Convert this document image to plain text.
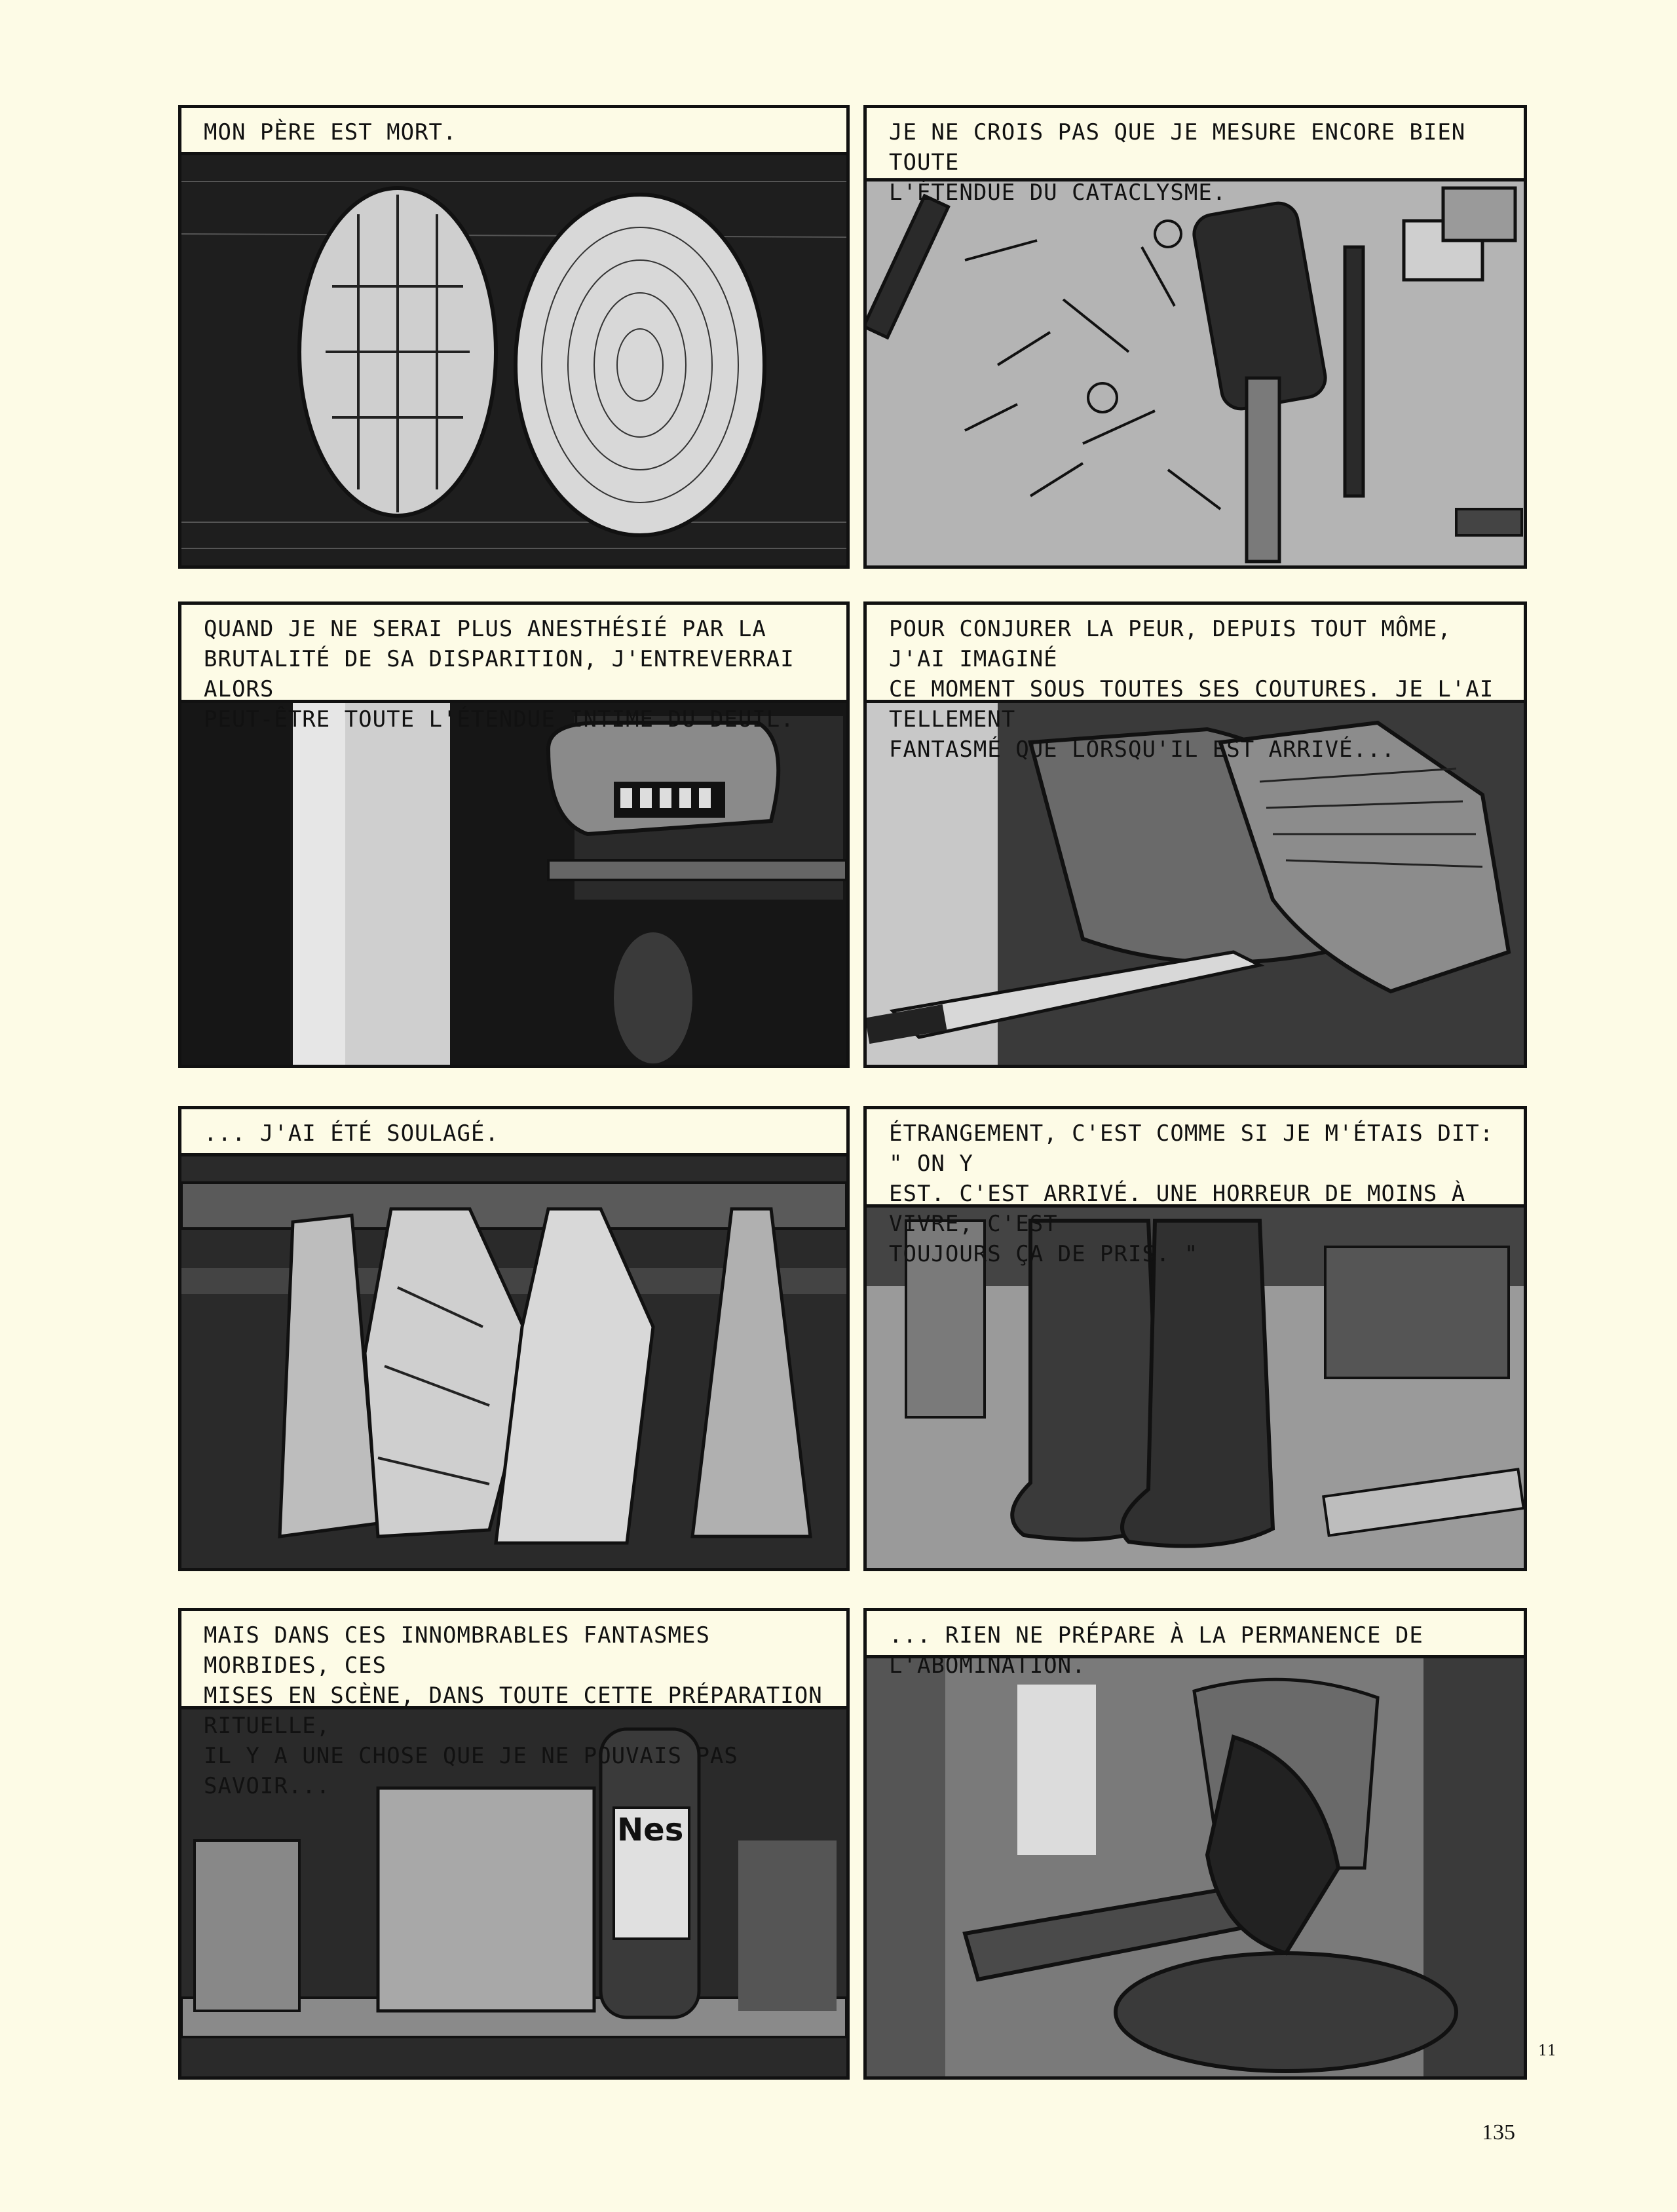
MON PÈRE EST MORT.	JE NE CROIS PAS QUE JE MESURE ENCORE BIEN TOUTE
L'ÉTENDUE DU CATACLYSME.
QUAND JE NE SERAI PLUS ANESTHÉSIÉ PAR LA
BRUTALITÉ DE SA DISPARITION, J'ENTREVERRAI ALORS
PEUT-ÊTRE TOUTE L'ÉTENDUE INTIME DU DEUIL.
POUR CONJURER LA PEUR, DEPUIS TOUT MÔME, J'AI IMAGINÉ
CE MOMENT SOUS TOUTES SES COUTURES. JE L'AI TELLEMENT
FANTASMÉ QUE LORSQU'IL EST ARRIVÉ...
... J'AI ÉTÉ SOULAGÉ.	ÉTRANGEMENT, C'EST COMME SI JE M'ÉTAIS DIT: " ON Y
EST. C'EST ARRIVÉ. UNE HORREUR DE MOINS À VIVRE, C'EST
TOUJOURS ÇA DE PRIS. "
MAIS DANS CES INNOMBRABLES FANTASMES MORBIDES, CES
MISES EN SCÈNE, DANS TOUTE CETTE PRÉPARATION RITUELLE,
IL Y A UNE CHOSE QUE JE NE POUVAIS PAS SAVOIR...
Nes
... RIEN NE PRÉPARE À LA PERMANENCE DE L'ABOMINATION.
11
135
